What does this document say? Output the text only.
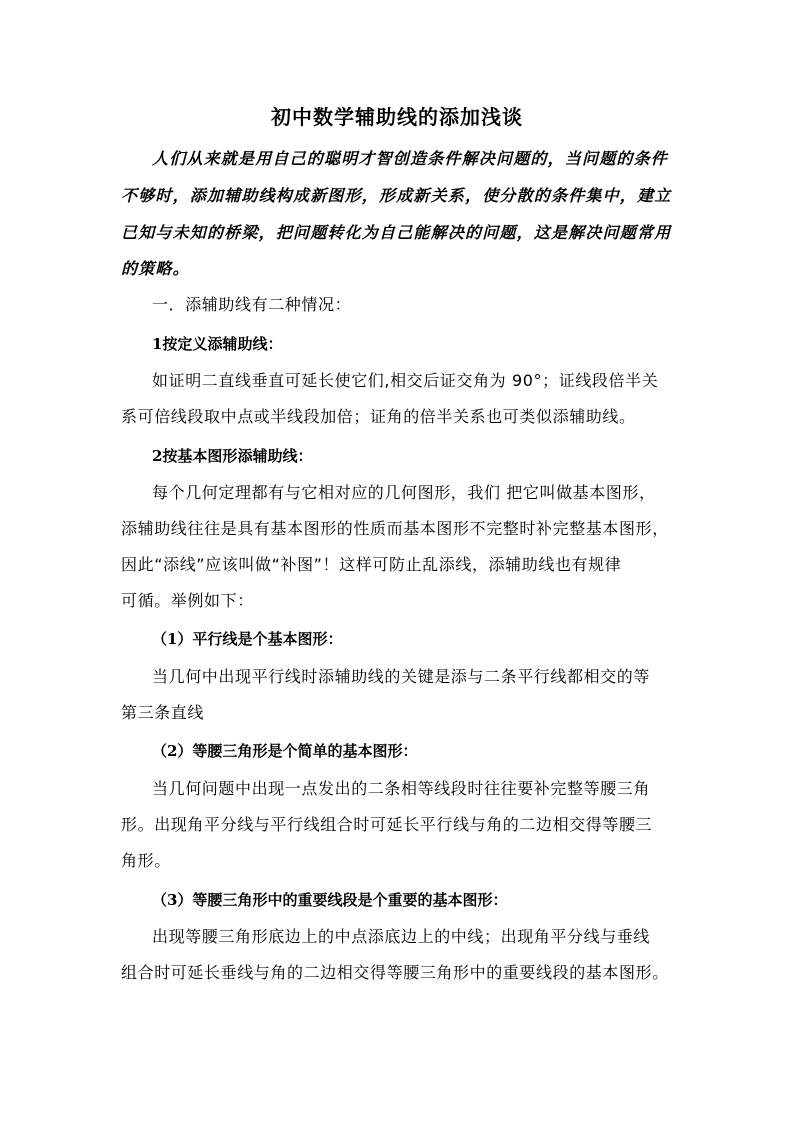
初中数学辅助线的添加浅谈
人们从来就是用自己的聪明才智创造条件解决问题的，当问题的条件
不够时，添加辅助线构成新图形，形成新关系，使分散的条件集中，建立
已知与未知的桥梁，把问题转化为自己能解决的问题，这是解决问题常用
的策略。
一．添辅助线有二种情况：
1按定义添辅助线：
如证明二直线垂直可延长使它们,相交后证交角为 90°；证线段倍半关
系可倍线段取中点或半线段加倍；证角的倍半关系也可类似添辅助线。
2按基本图形添辅助线：
每个几何定理都有与它相对应的几何图形，我们 把它叫做基本图形，
添辅助线往往是具有基本图形的性质而基本图形不完整时补完整基本图形，
因此“添线”应该叫做“补图”！这样可防止乱添线，添辅助线也有规律
可循。举例如下：
（1）平行线是个基本图形：
当几何中出现平行线时添辅助线的关键是添与二条平行线都相交的等
第三条直线
（2）等腰三角形是个简单的基本图形：
当几何问题中出现一点发出的二条相等线段时往往要补完整等腰三角
形。出现角平分线与平行线组合时可延长平行线与角的二边相交得等腰三
角形。
（3）等腰三角形中的重要线段是个重要的基本图形：
出现等腰三角形底边上的中点添底边上的中线；出现角平分线与垂线
组合时可延长垂线与角的二边相交得等腰三角形中的重要线段的基本图形。
